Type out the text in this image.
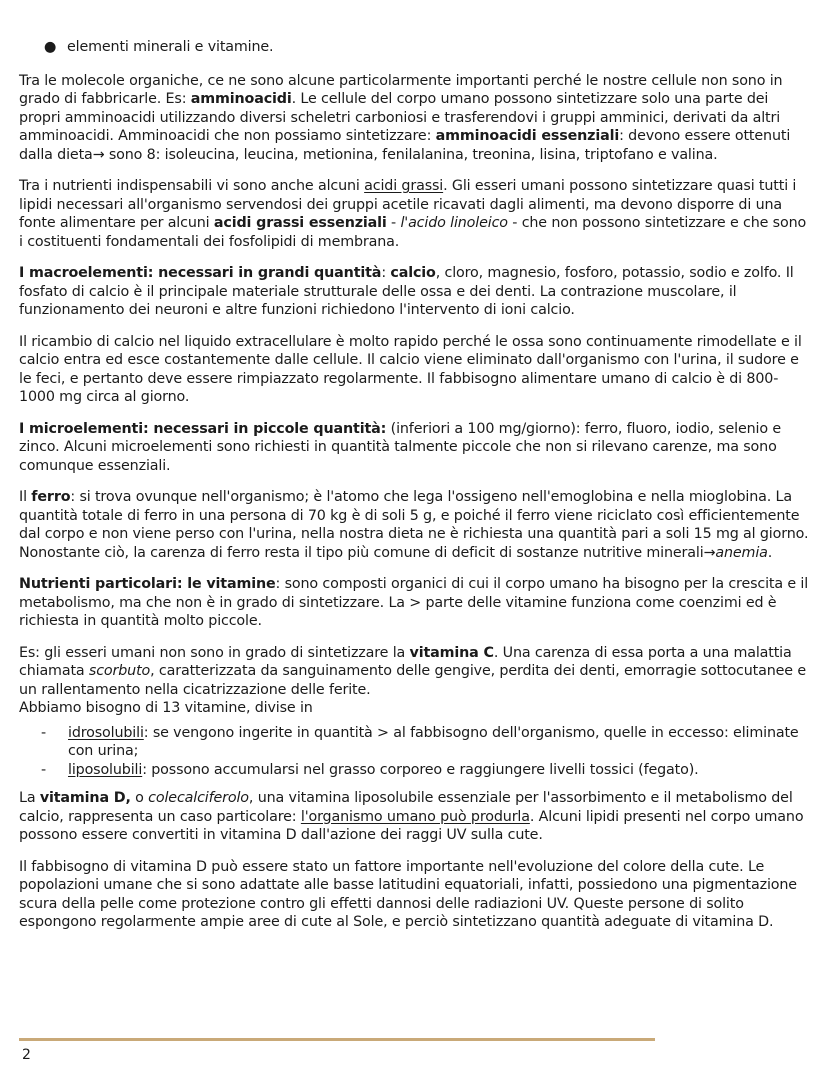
● elementi minerali e vitamine.

Tra le molecole organiche, ce ne sono alcune particolarmente importanti perché le nostre cellule non sono in grado di fabbricarle. Es: amminoacidi. Le cellule del corpo umano possono sintetizzare solo una parte dei propri amminoacidi utilizzando diversi scheletri carboniosi e trasferendovi i gruppi amminici, derivati da altri amminoacidi. Amminoacidi che non possiamo sintetizzare: amminoacidi essenziali: devono essere ottenuti dalla dieta→ sono 8: isoleucina, leucina, metionina, fenilalanina, treonina, lisina, triptofano e valina.

Tra i nutrienti indispensabili vi sono anche alcuni acidi grassi. Gli esseri umani possono sintetizzare quasi tutti i lipidi necessari all'organismo servendosi dei gruppi acetile ricavati dagli alimenti, ma devono disporre di una fonte alimentare per alcuni acidi grassi essenziali - l'acido linoleico - che non possono sintetizzare e che sono i costituenti fondamentali dei fosfolipidi di membrana.

I macroelementi: necessari in grandi quantità: calcio, cloro, magnesio, fosforo, potassio, sodio e zolfo. Il fosfato di calcio è il principale materiale strutturale delle ossa e dei denti. La contrazione muscolare, il funzionamento dei neuroni e altre funzioni richiedono l'intervento di ioni calcio.

Il ricambio di calcio nel liquido extracellulare è molto rapido perché le ossa sono continuamente rimodellate e il calcio entra ed esce costantemente dalle cellule. Il calcio viene eliminato dall'organismo con l'urina, il sudore e le feci, e pertanto deve essere rimpiazzato regolarmente. Il fabbisogno alimentare umano di calcio è di 800-1000 mg circa al giorno.

I microelementi: necessari in piccole quantità: (inferiori a 100 mg/giorno): ferro, fluoro, iodio, selenio e zinco. Alcuni microelementi sono richiesti in quantità talmente piccole che non si rilevano carenze, ma sono comunque essenziali.

Il ferro: si trova ovunque nell'organismo; è l'atomo che lega l'ossigeno nell'emoglobina e nella mioglobina. La quantità totale di ferro in una persona di 70 kg è di soli 5 g, e poiché il ferro viene riciclato così efficientemente dal corpo e non viene perso con l'urina, nella nostra dieta ne è richiesta una quantità pari a soli 15 mg al giorno. Nonostante ciò, la carenza di ferro resta il tipo più comune di deficit di sostanze nutritive minerali→anemia.

Nutrienti particolari: le vitamine: sono composti organici di cui il corpo umano ha bisogno per la crescita e il metabolismo, ma che non è in grado di sintetizzare. La > parte delle vitamine funziona come coenzimi ed è richiesta in quantità molto piccole.

Es: gli esseri umani non sono in grado di sintetizzare la vitamina C. Una carenza di essa porta a una malattia chiamata scorbuto, caratterizzata da sanguinamento delle gengive, perdita dei denti, emorragie sottocutanee e un rallentamento nella cicatrizzazione delle ferite.
Abbiamo bisogno di 13 vitamine, divise in

- idrosolubili: se vengono ingerite in quantità > al fabbisogno dell'organismo, quelle in eccesso: eliminate con urina;
- liposolubili: possono accumularsi nel grasso corporeo e raggiungere livelli tossici (fegato).

La vitamina D, o colecalciferolo, una vitamina liposolubile essenziale per l'assorbimento e il metabolismo del calcio, rappresenta un caso particolare: l'organismo umano può produrla. Alcuni lipidi presenti nel corpo umano possono essere convertiti in vitamina D dall'azione dei raggi UV sulla cute.

Il fabbisogno di vitamina D può essere stato un fattore importante nell'evoluzione del colore della cute. Le popolazioni umane che si sono adattate alle basse latitudini equatoriali, infatti, possiedono una pigmentazione scura della pelle come protezione contro gli effetti dannosi delle radiazioni UV. Queste persone di solito espongono regolarmente ampie aree di cute al Sole, e perciò sintetizzano quantità adeguate di vitamina D.

2
